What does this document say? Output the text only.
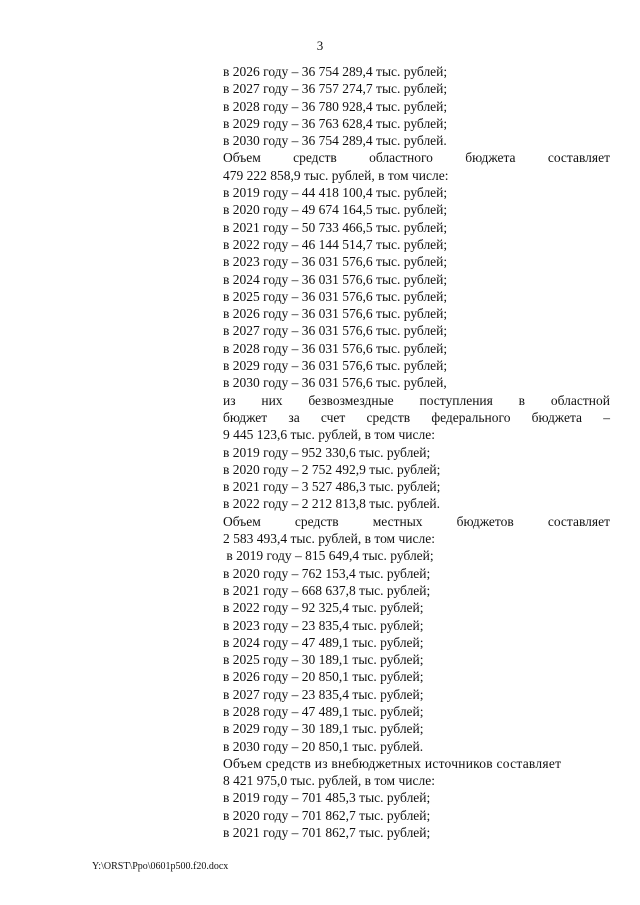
3
в 2026 году – 36 754 289,4 тыс. рублей;
в 2027 году – 36 757 274,7 тыс. рублей;
в 2028 году – 36 780 928,4 тыс. рублей;
в 2029 году – 36 763 628,4 тыс. рублей;
в 2030 году – 36 754 289,4 тыс. рублей.
Объем средств областного бюджета составляет
479 222 858,9 тыс. рублей, в том числе:
в 2019 году – 44 418 100,4 тыс. рублей;
в 2020 году – 49 674 164,5 тыс. рублей;
в 2021 году – 50 733 466,5 тыс. рублей;
в 2022 году – 46 144 514,7 тыс. рублей;
в 2023 году – 36 031 576,6 тыс. рублей;
в 2024 году – 36 031 576,6 тыс. рублей;
в 2025 году – 36 031 576,6 тыс. рублей;
в 2026 году – 36 031 576,6 тыс. рублей;
в 2027 году – 36 031 576,6 тыс. рублей;
в 2028 году – 36 031 576,6 тыс. рублей;
в 2029 году – 36 031 576,6 тыс. рублей;
в 2030 году – 36 031 576,6 тыс. рублей,
из них безвозмездные поступления в областной
бюджет за счет средств федерального бюджета –
9 445 123,6 тыс. рублей, в том числе:
в 2019 году – 952 330,6 тыс. рублей;
в 2020 году – 2 752 492,9 тыс. рублей;
в 2021 году – 3 527 486,3 тыс. рублей;
в 2022 году – 2 212 813,8 тыс. рублей.
Объем	средств	местных	бюджетов	составляет
2 583 493,4 тыс. рублей, в том числе:
в 2019 году – 815 649,4 тыс. рублей;
в 2020 году – 762 153,4 тыс. рублей;
в 2021 году – 668 637,8 тыс. рублей;
в 2022 году – 92 325,4 тыс. рублей;
в 2023 году – 23 835,4 тыс. рублей;
в 2024 году – 47 489,1 тыс. рублей;
в 2025 году – 30 189,1 тыс. рублей;
в 2026 году – 20 850,1 тыс. рублей;
в 2027 году – 23 835,4 тыс. рублей;
в 2028 году – 47 489,1 тыс. рублей;
в 2029 году – 30 189,1 тыс. рублей;
в 2030 году – 20 850,1 тыс. рублей.
Объем средств из внебюджетных источников составляет
8 421 975,0 тыс. рублей, в том числе:
в 2019 году – 701 485,3 тыс. рублей;
в 2020 году – 701 862,7 тыс. рублей;
в 2021 году – 701 862,7 тыс. рублей;
Y:\ORST\Ppo\0601p500.f20.docx
